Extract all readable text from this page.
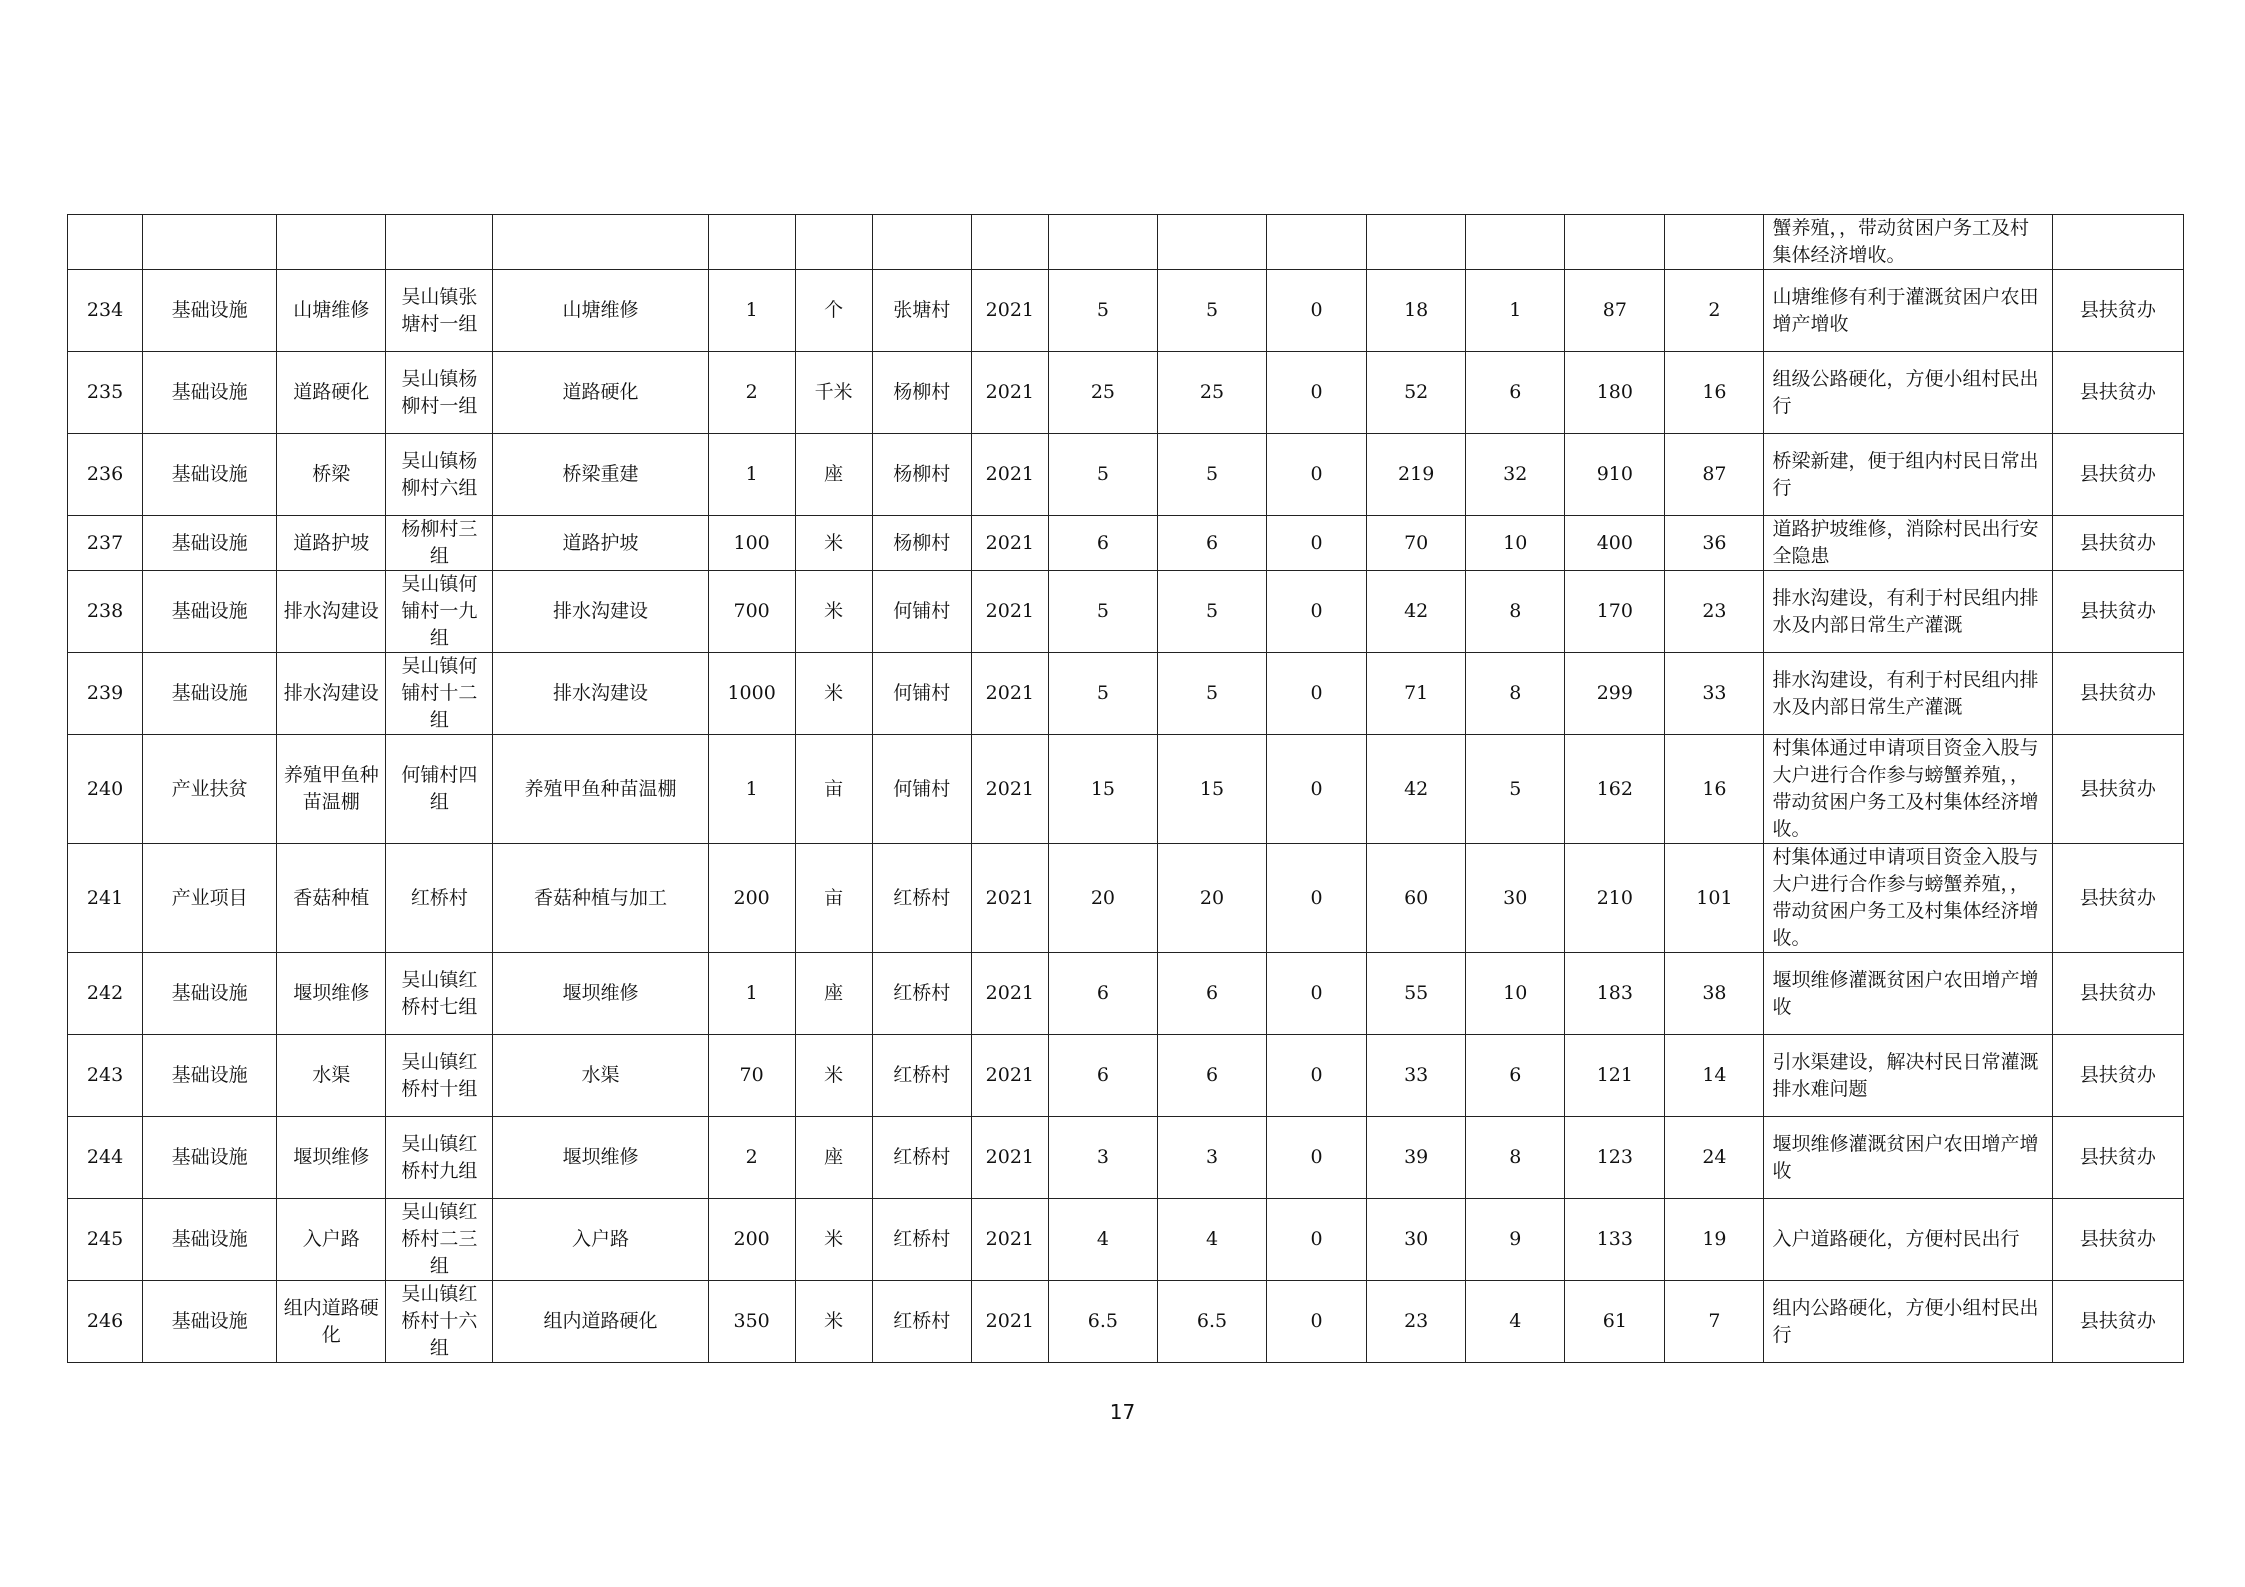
																蟹养殖，，带动贫困户务工及村集体经济增收。	
234	基础设施	山塘维修	吴山镇张塘村一组	山塘维修	1	个	张塘村	2021	5	5	0	18	1	87	2	山塘维修有利于灌溉贫困户农田增产增收	县扶贫办
235	基础设施	道路硬化	吴山镇杨柳村一组	道路硬化	2	千米	杨柳村	2021	25	25	0	52	6	180	16	组级公路硬化，方便小组村民出行	县扶贫办
236	基础设施	桥梁	吴山镇杨柳村六组	桥梁重建	1	座	杨柳村	2021	5	5	0	219	32	910	87	桥梁新建，便于组内村民日常出行	县扶贫办
237	基础设施	道路护坡	杨柳村三组	道路护坡	100	米	杨柳村	2021	6	6	0	70	10	400	36	道路护坡维修，消除村民出行安全隐患	县扶贫办
238	基础设施	排水沟建设	吴山镇何铺村一九组	排水沟建设	700	米	何铺村	2021	5	5	0	42	8	170	23	排水沟建设，有利于村民组内排水及内部日常生产灌溉	县扶贫办
239	基础设施	排水沟建设	吴山镇何铺村十二组	排水沟建设	1000	米	何铺村	2021	5	5	0	71	8	299	33	排水沟建设，有利于村民组内排水及内部日常生产灌溉	县扶贫办
240	产业扶贫	养殖甲鱼种苗温棚	何铺村四组	养殖甲鱼种苗温棚	1	亩	何铺村	2021	15	15	0	42	5	162	16	村集体通过申请项目资金入股与大户进行合作参与螃蟹养殖，，带动贫困户务工及村集体经济增收。	县扶贫办
241	产业项目	香菇种植	红桥村	香菇种植与加工	200	亩	红桥村	2021	20	20	0	60	30	210	101	村集体通过申请项目资金入股与大户进行合作参与螃蟹养殖，，带动贫困户务工及村集体经济增收。	县扶贫办
242	基础设施	堰坝维修	吴山镇红桥村七组	堰坝维修	1	座	红桥村	2021	6	6	0	55	10	183	38	堰坝维修灌溉贫困户农田增产增收	县扶贫办
243	基础设施	水渠	吴山镇红桥村十组	水渠	70	米	红桥村	2021	6	6	0	33	6	121	14	引水渠建设，解决村民日常灌溉排水难问题	县扶贫办
244	基础设施	堰坝维修	吴山镇红桥村九组	堰坝维修	2	座	红桥村	2021	3	3	0	39	8	123	24	堰坝维修灌溉贫困户农田增产增收	县扶贫办
245	基础设施	入户路	吴山镇红桥村二三组	入户路	200	米	红桥村	2021	4	4	0	30	9	133	19	入户道路硬化，方便村民出行	县扶贫办
246	基础设施	组内道路硬化	吴山镇红桥村十六组	组内道路硬化	350	米	红桥村	2021	6.5	6.5	0	23	4	61	7	组内公路硬化，方便小组村民出行	县扶贫办
17
